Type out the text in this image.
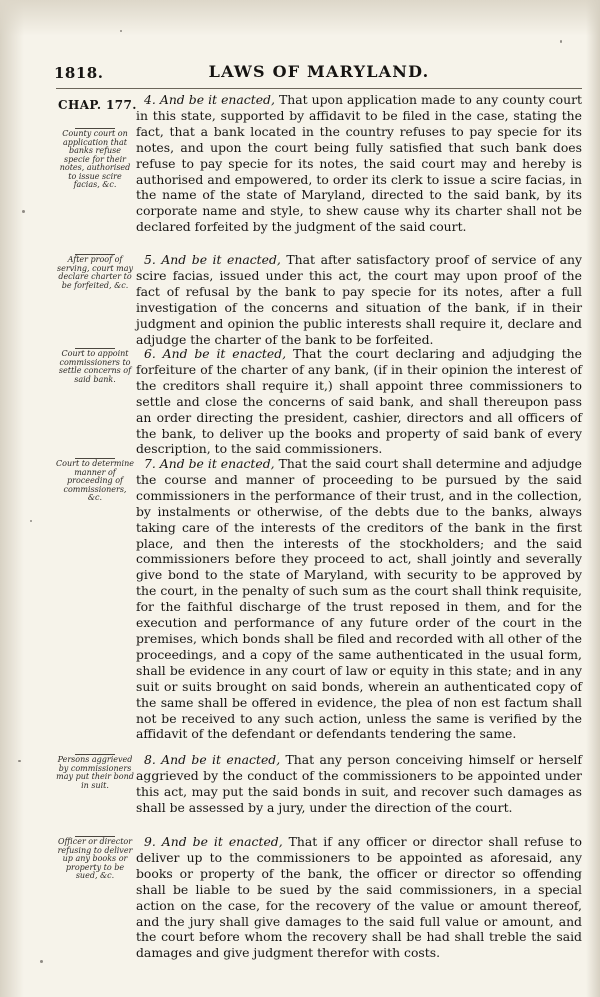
1818.	LAWS OF MARYLAND.
CHAP. 177.
County court on application that banks refuse specie for their notes, authorised to issue scire facias, &c.
After proof of serving, court may declare charter to be forfeited, &c.
Court to appoint commissioners to settle concerns of said bank.
Court to determine manner of proceeding of commissioners, &c.
Persons aggrieved by commissioners may put their bond in suit.
Officer or director refusing to deliver up any books or property to be sued, &c.

4. And be it enacted, That upon application made to any county court in this state, supported by affidavit to be filed in the case, stating the fact, that a bank located in the country refuses to pay specie for its notes, and upon the court being fully satisfied that such bank does refuse to pay specie for its notes, the said court may and hereby is authorised and empowered, to order its clerk to issue a scire facias, in the name of the state of Maryland, directed to the said bank, by its corporate name and style, to shew cause why its charter shall not be declared forfeited by the judgment of the said court.

5. And be it enacted, That after satisfactory proof of service of any scire facias, issued under this act, the court may upon proof of the fact of refusal by the bank to pay specie for its notes, after a full investigation of the concerns and situation of the bank, if in their judgment and opinion the public interests shall require it, declare and adjudge the charter of the bank to be forfeited.

6. And be it enacted, That the court declaring and adjudging the forfeiture of the charter of any bank, (if in their opinion the interest of the creditors shall require it,) shall appoint three commissioners to settle and close the concerns of said bank, and shall thereupon pass an order directing the president, cashier, directors and all officers of the bank, to deliver up the books and property of said bank of every description, to the said commissioners.

7. And be it enacted, That the said court shall determine and adjudge the course and manner of proceeding to be pursued by the said commissioners in the performance of their trust, and in the collection, by instalments or otherwise, of the debts due to the banks, always taking care of the interests of the creditors of the bank in the first place, and then the interests of the stockholders; and the said commissioners before they proceed to act, shall jointly and severally give bond to the state of Maryland, with security to be approved by the court, in the penalty of such sum as the court shall think requisite, for the faithful discharge of the trust reposed in them, and for the execution and performance of any future order of the court in the premises, which bonds shall be filed and recorded with all other of the proceedings, and a copy of the same authenticated in the usual form, shall be evidence in any court of law or equity in this state; and in any suit or suits brought on said bonds, wherein an authenticated copy of the same shall be offered in evidence, the plea of non est factum shall not be received to any such action, unless the same is verified by the affidavit of the defendant or defendants tendering the same.

8. And be it enacted, That any person conceiving himself or herself aggrieved by the conduct of the commissioners to be appointed under this act, may put the said bonds in suit, and recover such damages as shall be assessed by a jury, under the direction of the court.

9. And be it enacted, That if any officer or director shall refuse to deliver up to the commissioners to be appointed as aforesaid, any books or property of the bank, the officer or director so offending shall be liable to be sued by the said commissioners, in a special action on the case, for the recovery of the value or amount thereof, and the jury shall give damages to the said full value or amount, and the court before whom the recovery shall be had shall treble the said damages and give judgment therefor with costs.
